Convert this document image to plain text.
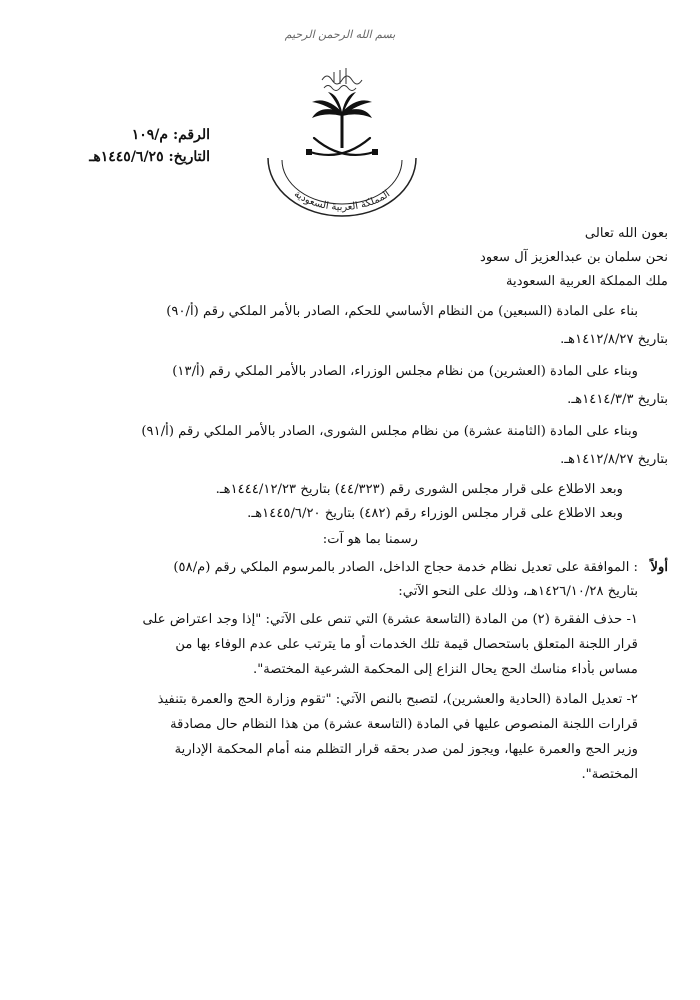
بسم الله الرحمن الرحيم
المملكة العربية السعودية
الرقم: م/١٠٩
التاريخ: ١٤٤٥/٦/٢٥هـ
بعون الله تعالى
نحن سلمان بن عبدالعزيز آل سعود
ملك المملكة العربية السعودية
بناء على المادة (السبعين) من النظام الأساسي للحكم، الصادر بالأمر الملكي رقم (أ/٩٠)
بتاريخ ١٤١٢/٨/٢٧هـ.
وبناء على المادة (العشرين) من نظام مجلس الوزراء، الصادر بالأمر الملكي رقم (أ/١٣)
بتاريخ ١٤١٤/٣/٣هـ.
وبناء على المادة (الثامنة عشرة) من نظام مجلس الشورى، الصادر بالأمر الملكي رقم (أ/٩١)
بتاريخ ١٤١٢/٨/٢٧هـ.
وبعد الاطلاع على قرار مجلس الشورى رقم (٤٤/٣٢٣) بتاريخ ١٤٤٤/١٢/٢٣هـ.
وبعد الاطلاع على قرار مجلس الوزراء رقم (٤٨٢) بتاريخ ١٤٤٥/٦/٢٠هـ.
رسمنا بما هو آت:
أولاً
: الموافقة على تعديل نظام خدمة حجاج الداخل، الصادر بالمرسوم الملكي رقم (م/٥٨)
بتاريخ ١٤٢٦/١٠/٢٨هـ، وذلك على النحو الآتي:
١- حذف الفقرة (٢) من المادة (التاسعة عشرة) التي تنص على الآتي: "إذا وجد اعتراض على
قرار اللجنة المتعلق باستحصال قيمة تلك الخدمات أو ما يترتب على عدم الوفاء بها من
مساس بأداء مناسك الحج يحال النزاع إلى المحكمة الشرعية المختصة".
٢- تعديل المادة (الحادية والعشرين)، لتصبح بالنص الآتي: "تقوم وزارة الحج والعمرة بتنفيذ
قرارات اللجنة المنصوص عليها في المادة (التاسعة عشرة) من هذا النظام حال مصادقة
وزير الحج والعمرة عليها، ويجوز لمن صدر بحقه قرار التظلم منه أمام المحكمة الإدارية
المختصة".
